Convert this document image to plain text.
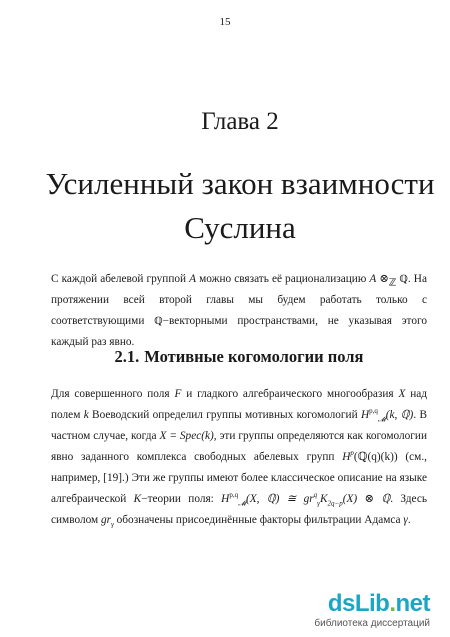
15
Глава 2
Усиленный закон взаимности
Суслина
С каждой абелевой группой A можно связать её рационализацию A $\otimes_ℤ$ ℚ. На протяжении всей второй главы мы будем работать только с соответствующими ℚ−векторными пространствами, не указывая этого каждый раз явно.
2.1. Мотивные когомологии поля
Для совершенного поля F и гладкого алгебраического многообразия X над полем k Воеводский определил группы мотивных когомологий H$^{p,q}_𝓜$(k, ℚ). В частном случае, когда X = Spec(k), эти группы определяются как когомологии явно заданного комплекса свободных абелевых групп $H^p(ℚ(q)(k))$ (см., например, [19].) Эти же группы имеют более классическое описание на языке алгебраической K−теории поля: H$^{p,q}_𝓜$(X, ℚ) ≅ $gr^q_\gamma K_{2q-p}(X)$ ⊗ ℚ. Здесь символом $gr_\gamma$ обозначены присоединённые факторы фильтрации Адамса γ.
dsLib.net
библиотека диссертаций
